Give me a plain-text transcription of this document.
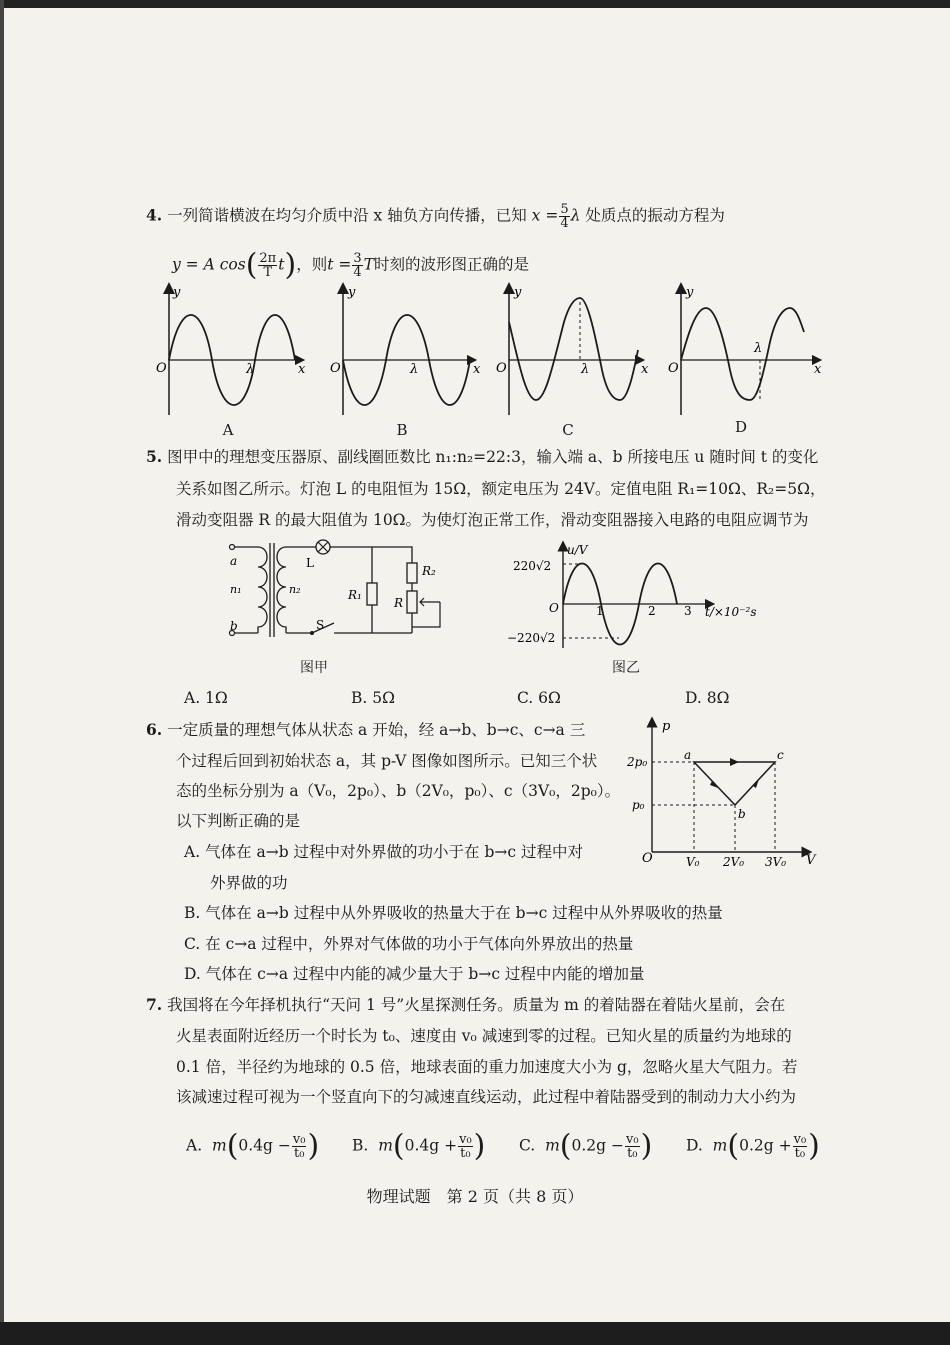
4. 一列简谐横波在均匀介质中沿 x 轴负方向传播，已知 $x = \frac{5}{4}$ λ 处质点的振动方程为
y = A $\cos( \frac{2\pi}{T} t)$，则$t = \frac{3}{4}$ T时刻的波形图正确的是
y
O	λ	x
y
O	λ	x
y
O	λ	x
y
O
λ
x
A	B	C	D
5. 图甲中的理想变压器原、副线圈匝数比 n₁:n₂=22:3，输入端 a、b 所接电压 u 随时间 t 的变化
关系如图乙所示。灯泡 L 的电阻恒为 15Ω，额定电压为 24V。定值电阻 R₁=10Ω、R₂=5Ω，
滑动变阻器 R 的最大阻值为 10Ω。为使灯泡正常工作，滑动变阻器接入电路的电阻应调节为
a
b
n₁	n₂
L
R₁
R₂
R
S
u/V
220√2
−220√2
O	1	2 3 t/×10⁻²s
图甲	图乙
A. 1Ω	B. 5Ω	C. 6Ω	D. 8Ω
6. 一定质量的理想气体从状态 a 开始，经 a→b、b→c、c→a 三
个过程后回到初始状态 a，其 p-V 图像如图所示。已知三个状
态的坐标分别为 a（V₀，2p₀）、b（2V₀，p₀）、c（3V₀，2p₀）。
以下判断正确的是
A. 气体在 a→b 过程中对外界做的功小于在 b→c 过程中对
外界做的功
B. 气体在 a→b 过程中从外界吸收的热量大于在 b→c 过程中从外界吸收的热量
C. 在 c→a 过程中，外界对气体做的功小于气体向外界放出的热量
D. 气体在 c→a 过程中内能的减少量大于 b→c 过程中内能的增加量
p
V
O
2p₀
p₀
V₀ 2V₀ 3V₀
a
b
c
7. 我国将在今年择机执行“天问 1 号”火星探测任务。质量为 m 的着陆器在着陆火星前，会在
火星表面附近经历一个时长为 t₀、速度由 v₀ 减速到零的过程。已知火星的质量约为地球的
0.1 倍，半径约为地球的 0.5 倍，地球表面的重力加速度大小为 g，忽略火星大气阻力。若
该减速过程可视为一个竖直向下的匀减速直线运动，此过程中着陆器受到的制动力大小约为
A. $m(0.4g - \frac{\text{v₀}}{\text{t₀}}$ ) B. $m(0.4g + \frac{\text{v₀}}{\text{t₀}}$ ) C. $m(0.2g - \frac{\text{v₀}}{\text{t₀}}$ ) D. $m(0.2g + \frac{\text{v₀}}{\text{t₀}}$ )
物理试题　第 2 页（共 8 页）
